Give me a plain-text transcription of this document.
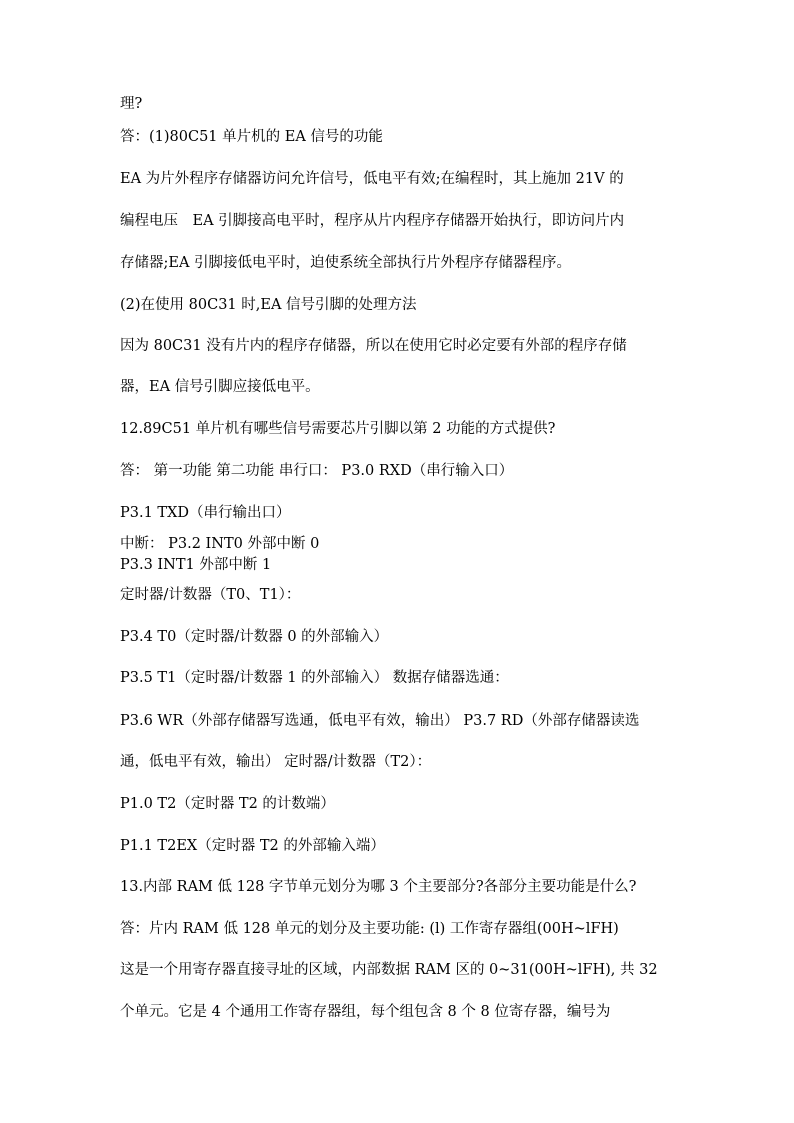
理?
答：(1)80C51 单片机的 EA 信号的功能
EA 为片外程序存储器访问允许信号，低电平有效;在编程时，其上施加 21V 的
编程电压　EA 引脚接高电平时，程序从片内程序存储器开始执行，即访问片内
存储器;EA 引脚接低电平时，迫使系统全部执行片外程序存储器程序。
(2)在使用 80C31 时,EA 信号引脚的处理方法
因为 80C31 没有片内的程序存储器，所以在使用它时必定要有外部的程序存储
器，EA 信号引脚应接低电平。
12.89C51 单片机有哪些信号需要芯片引脚以第 2 功能的方式提供?
答： 第一功能 第二功能 串行口： P3.0 RXD（串行输入口）
P3.1 TXD（串行输出口）
中断： P3.2 INT0 外部中断 0
P3.3 INT1 外部中断 1
定时器/计数器（T0、T1）：
P3.4 T0（定时器/计数器 0 的外部输入）
P3.5 T1（定时器/计数器 1 的外部输入） 数据存储器选通：
P3.6 WR（外部存储器写选通，低电平有效，输出） P3.7 RD（外部存储器读选
通，低电平有效，输出） 定时器/计数器（T2）：
P1.0 T2（定时器 T2 的计数端）
P1.1 T2EX（定时器 T2 的外部输入端）
13.内部 RAM 低 128 字节单元划分为哪 3 个主要部分?各部分主要功能是什么?
答：片内 RAM 低 128 单元的划分及主要功能: (l) 工作寄存器组(00H~lFH)
这是一个用寄存器直接寻址的区域，内部数据 RAM 区的 0~31(00H~lFH), 共 32
个单元。它是 4 个通用工作寄存器组，每个组包含 8 个 8 位寄存器，编号为
